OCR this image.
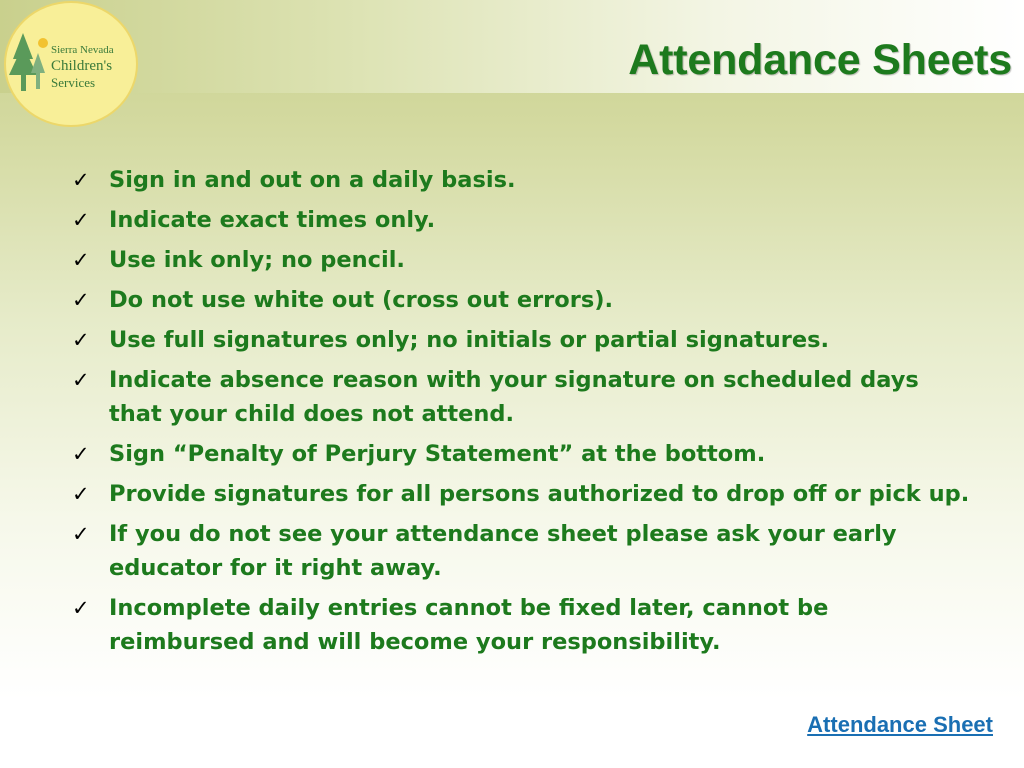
Sierra Nevada
Children's
Services	Attendance Sheets
✓ Sign in and out on a daily basis.
✓ Indicate exact times only.
✓ Use ink only; no pencil.
✓ Do not use white out (cross out errors).
✓ Use full signatures only; no initials or partial signatures.
✓ Indicate absence reason with your signature on scheduled days that your child does not attend.
✓ Sign “Penalty of Perjury Statement” at the bottom.
✓ Provide signatures for all persons authorized to drop off or pick up.
✓ If you do not see your attendance sheet please ask your early educator for it right away.
✓ Incomplete daily entries cannot be fixed later, cannot be reimbursed and will become your responsibility.
Attendance Sheet
